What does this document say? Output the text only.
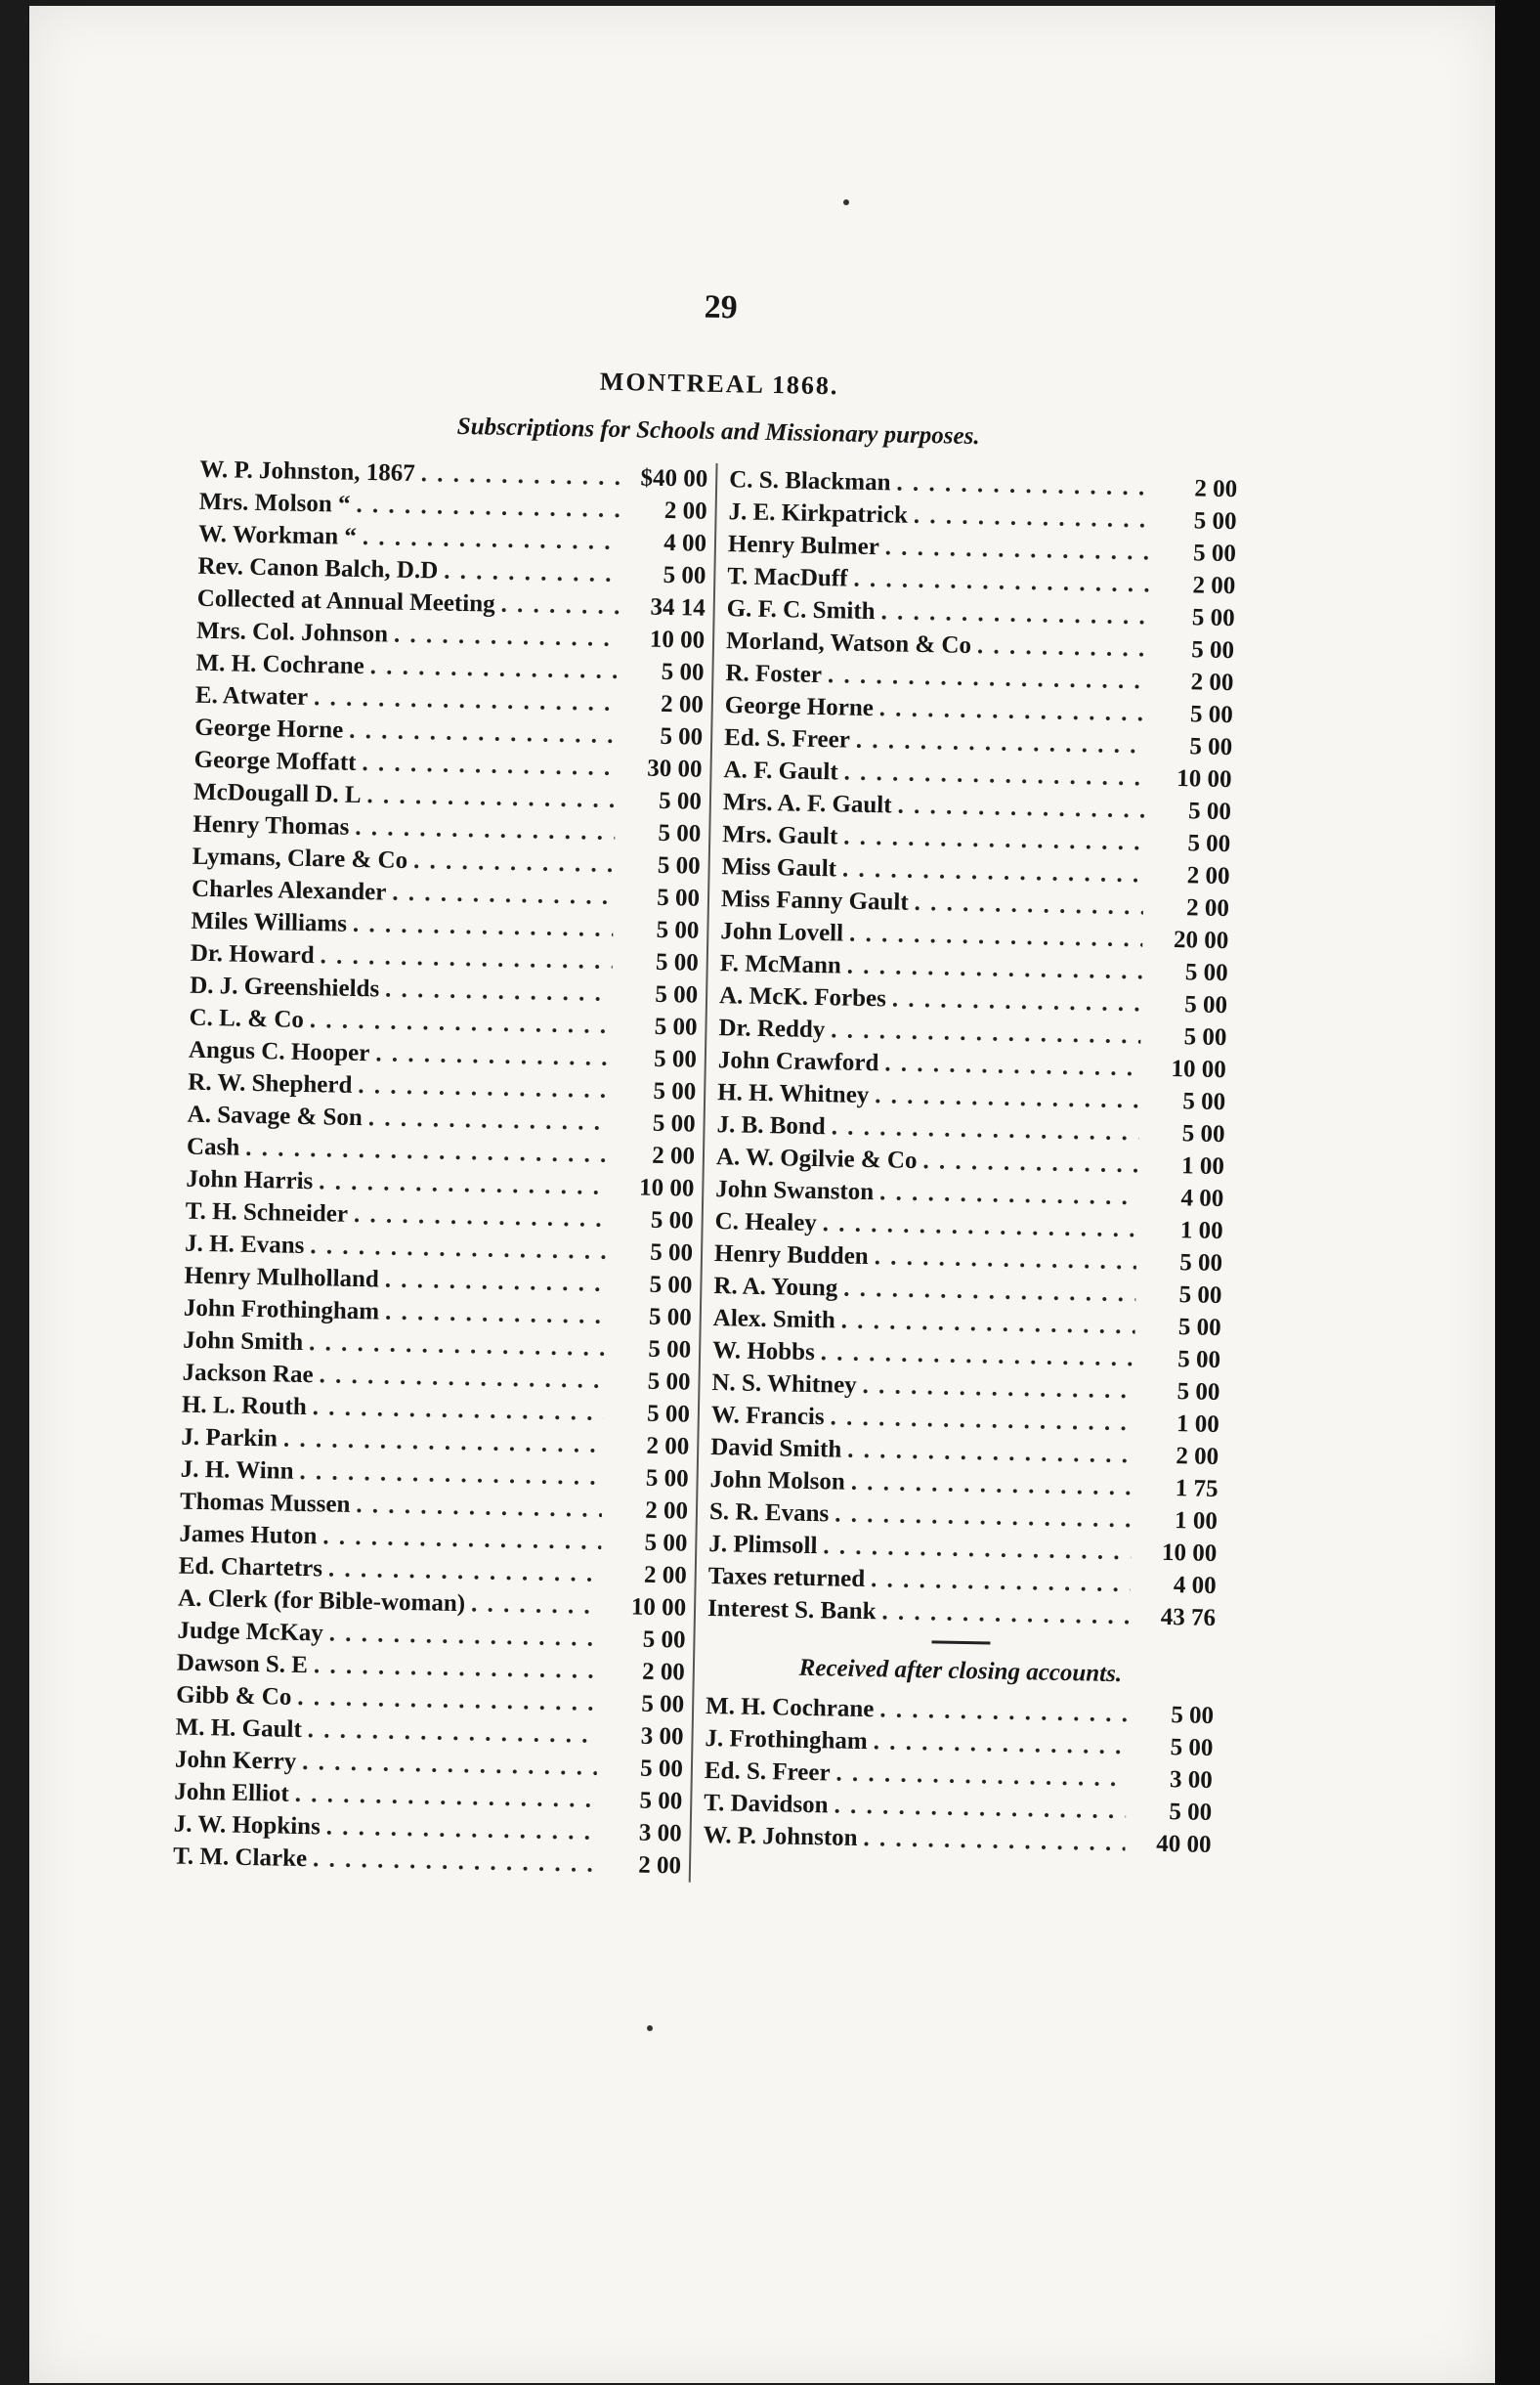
29
MONTREAL 1868.
Subscriptions for Schools and Missionary purposes.
W. P. Johnston, 1867 . . .	$40 00
Mrs. Molson “ . . .	2 00
W. Workman “ . . .	4 00
Rev. Canon Balch, D.D . . .	5 00
Collected at Annual Meeting . . .	34 14
Mrs. Col. Johnson . . .	10 00
M. H. Cochrane . . .	5 00
E. Atwater . . .	2 00
George Horne . . .	5 00
George Moffatt . . .	30 00
McDougall D. L . . .	5 00
Henry Thomas . . .	5 00
Lymans, Clare & Co . . .	5 00
Charles Alexander . . .	5 00
Miles Williams . . .	5 00
Dr. Howard . . .	5 00
D. J. Greenshields . . .	5 00
C. L. & Co . . .	5 00
Angus C. Hooper . . .	5 00
R. W. Shepherd . . .	5 00
A. Savage & Son . . .	5 00
Cash . . .	2 00
John Harris . . .	10 00
T. H. Schneider . . .	5 00
J. H. Evans . . .	5 00
Henry Mulholland . . .	5 00
John Frothingham . . .	5 00
John Smith . . .	5 00
Jackson Rae . . .	5 00
H. L. Routh . . .	5 00
J. Parkin . . .	2 00
J. H. Winn . . .	5 00
Thomas Mussen . . .	2 00
James Huton . . .	5 00
Ed. Chartetrs . . .	2 00
A. Clerk (for Bible-woman) . . .	10 00
Judge McKay . . .	5 00
Dawson S. E . . .	2 00
Gibb & Co . . .	5 00
M. H. Gault . . .	3 00
John Kerry . . .	5 00
John Elliot . . .	5 00
J. W. Hopkins . . .	3 00
T. M. Clarke . . .	2 00
C. S. Blackman . . .	2 00
J. E. Kirkpatrick . . .	5 00
Henry Bulmer . . .	5 00
T. MacDuff . . .	2 00
G. F. C. Smith . . .	5 00
Morland, Watson & Co . . .	5 00
R. Foster . . .	2 00
George Horne . . .	5 00
Ed. S. Freer . . .	5 00
A. F. Gault . . .	10 00
Mrs. A. F. Gault . . .	5 00
Mrs. Gault . . .	5 00
Miss Gault . . .	2 00
Miss Fanny Gault . . .	2 00
John Lovell . . .	20 00
F. McMann . . .	5 00
A. McK. Forbes . . .	5 00
Dr. Reddy . . .	5 00
John Crawford . . .	10 00
H. H. Whitney . . .	5 00
J. B. Bond . . .	5 00
A. W. Ogilvie & Co . . .	1 00
John Swanston . . .	4 00
C. Healey . . .	1 00
Henry Budden . . .	5 00
R. A. Young . . .	5 00
Alex. Smith . . .	5 00
W. Hobbs . . .	5 00
N. S. Whitney . . .	5 00
W. Francis . . .	1 00
David Smith . . .	2 00
John Molson . . .	1 75
S. R. Evans . . .	1 00
J. Plimsoll . . .	10 00
Taxes returned . . .	4 00
Interest S. Bank . . .	43 76
Received after closing accounts.
M. H. Cochrane . . .	5 00
J. Frothingham . . .	5 00
Ed. S. Freer . . .	3 00
T. Davidson . . .	5 00
W. P. Johnston . . .	40 00
